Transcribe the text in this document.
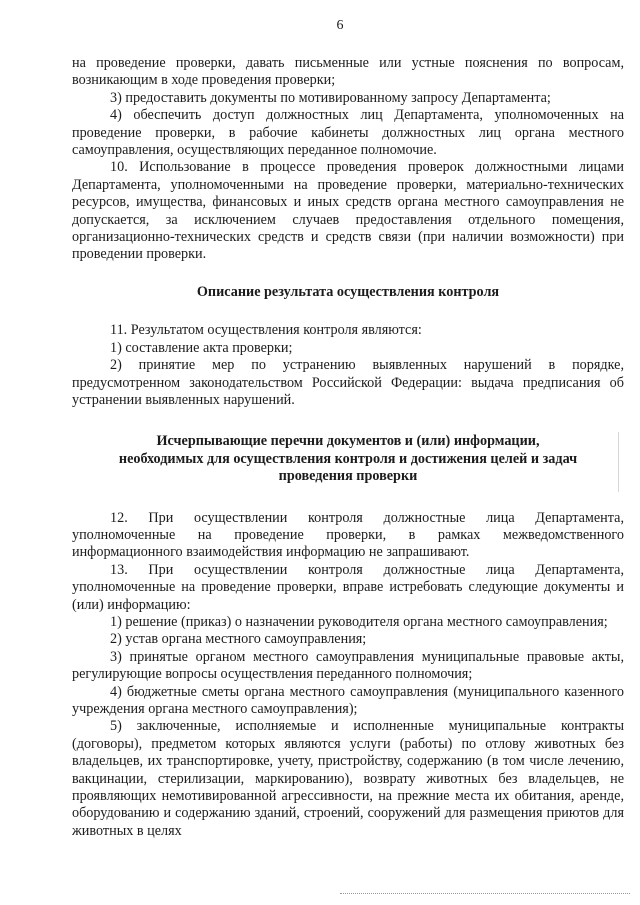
6

на проведение проверки, давать письменные или устные пояснения по вопросам, возникающим в ходе проведения проверки;

3) предоставить документы по мотивированному запросу Департамента;

4) обеспечить доступ должностных лиц Департамента, уполномоченных на проведение проверки, в рабочие кабинеты должностных лиц органа местного самоуправления, осуществляющих переданное полномочие.

10. Использование в процессе проведения проверок должностными лицами Департамента, уполномоченными на проведение проверки, материально-технических ресурсов, имущества, финансовых и иных средств органа местного самоуправления не допускается, за исключением случаев предоставления отдельного помещения, организационно-технических средств и средств связи (при наличии возможности) при проведении проверки.

Описание результата осуществления контроля

11. Результатом осуществления контроля являются:

1) составление акта проверки;

2) принятие мер по устранению выявленных нарушений в порядке, предусмотренном законодательством Российской Федерации: выдача предписания об устранении выявленных нарушений.

Исчерпывающие перечни документов и (или) информации,
необходимых для осуществления контроля и достижения целей и задач
проведения проверки

12. При осуществлении контроля должностные лица Департамента, уполномоченные на проведение проверки, в рамках межведомственного информационного взаимодействия информацию не запрашивают.

13. При осуществлении контроля должностные лица Департамента, уполномоченные на проведение проверки, вправе истребовать следующие документы и (или) информацию:

1) решение (приказ) о назначении руководителя органа местного самоуправления;

2) устав органа местного самоуправления;

3) принятые органом местного самоуправления муниципальные правовые акты, регулирующие вопросы осуществления переданного полномочия;

4) бюджетные сметы органа местного самоуправления (муниципального казенного учреждения органа местного самоуправления);

5) заключенные, исполняемые и исполненные муниципальные контракты (договоры), предметом которых являются услуги (работы) по отлову животных без владельцев, их транспортировке, учету, пристройству, содержанию (в том числе лечению, вакцинации, стерилизации, маркированию), возврату животных без владельцев, не проявляющих немотивированной агрессивности, на прежние места их обитания, аренде, оборудованию и содержанию зданий, строений, сооружений для размещения приютов для животных в целях
